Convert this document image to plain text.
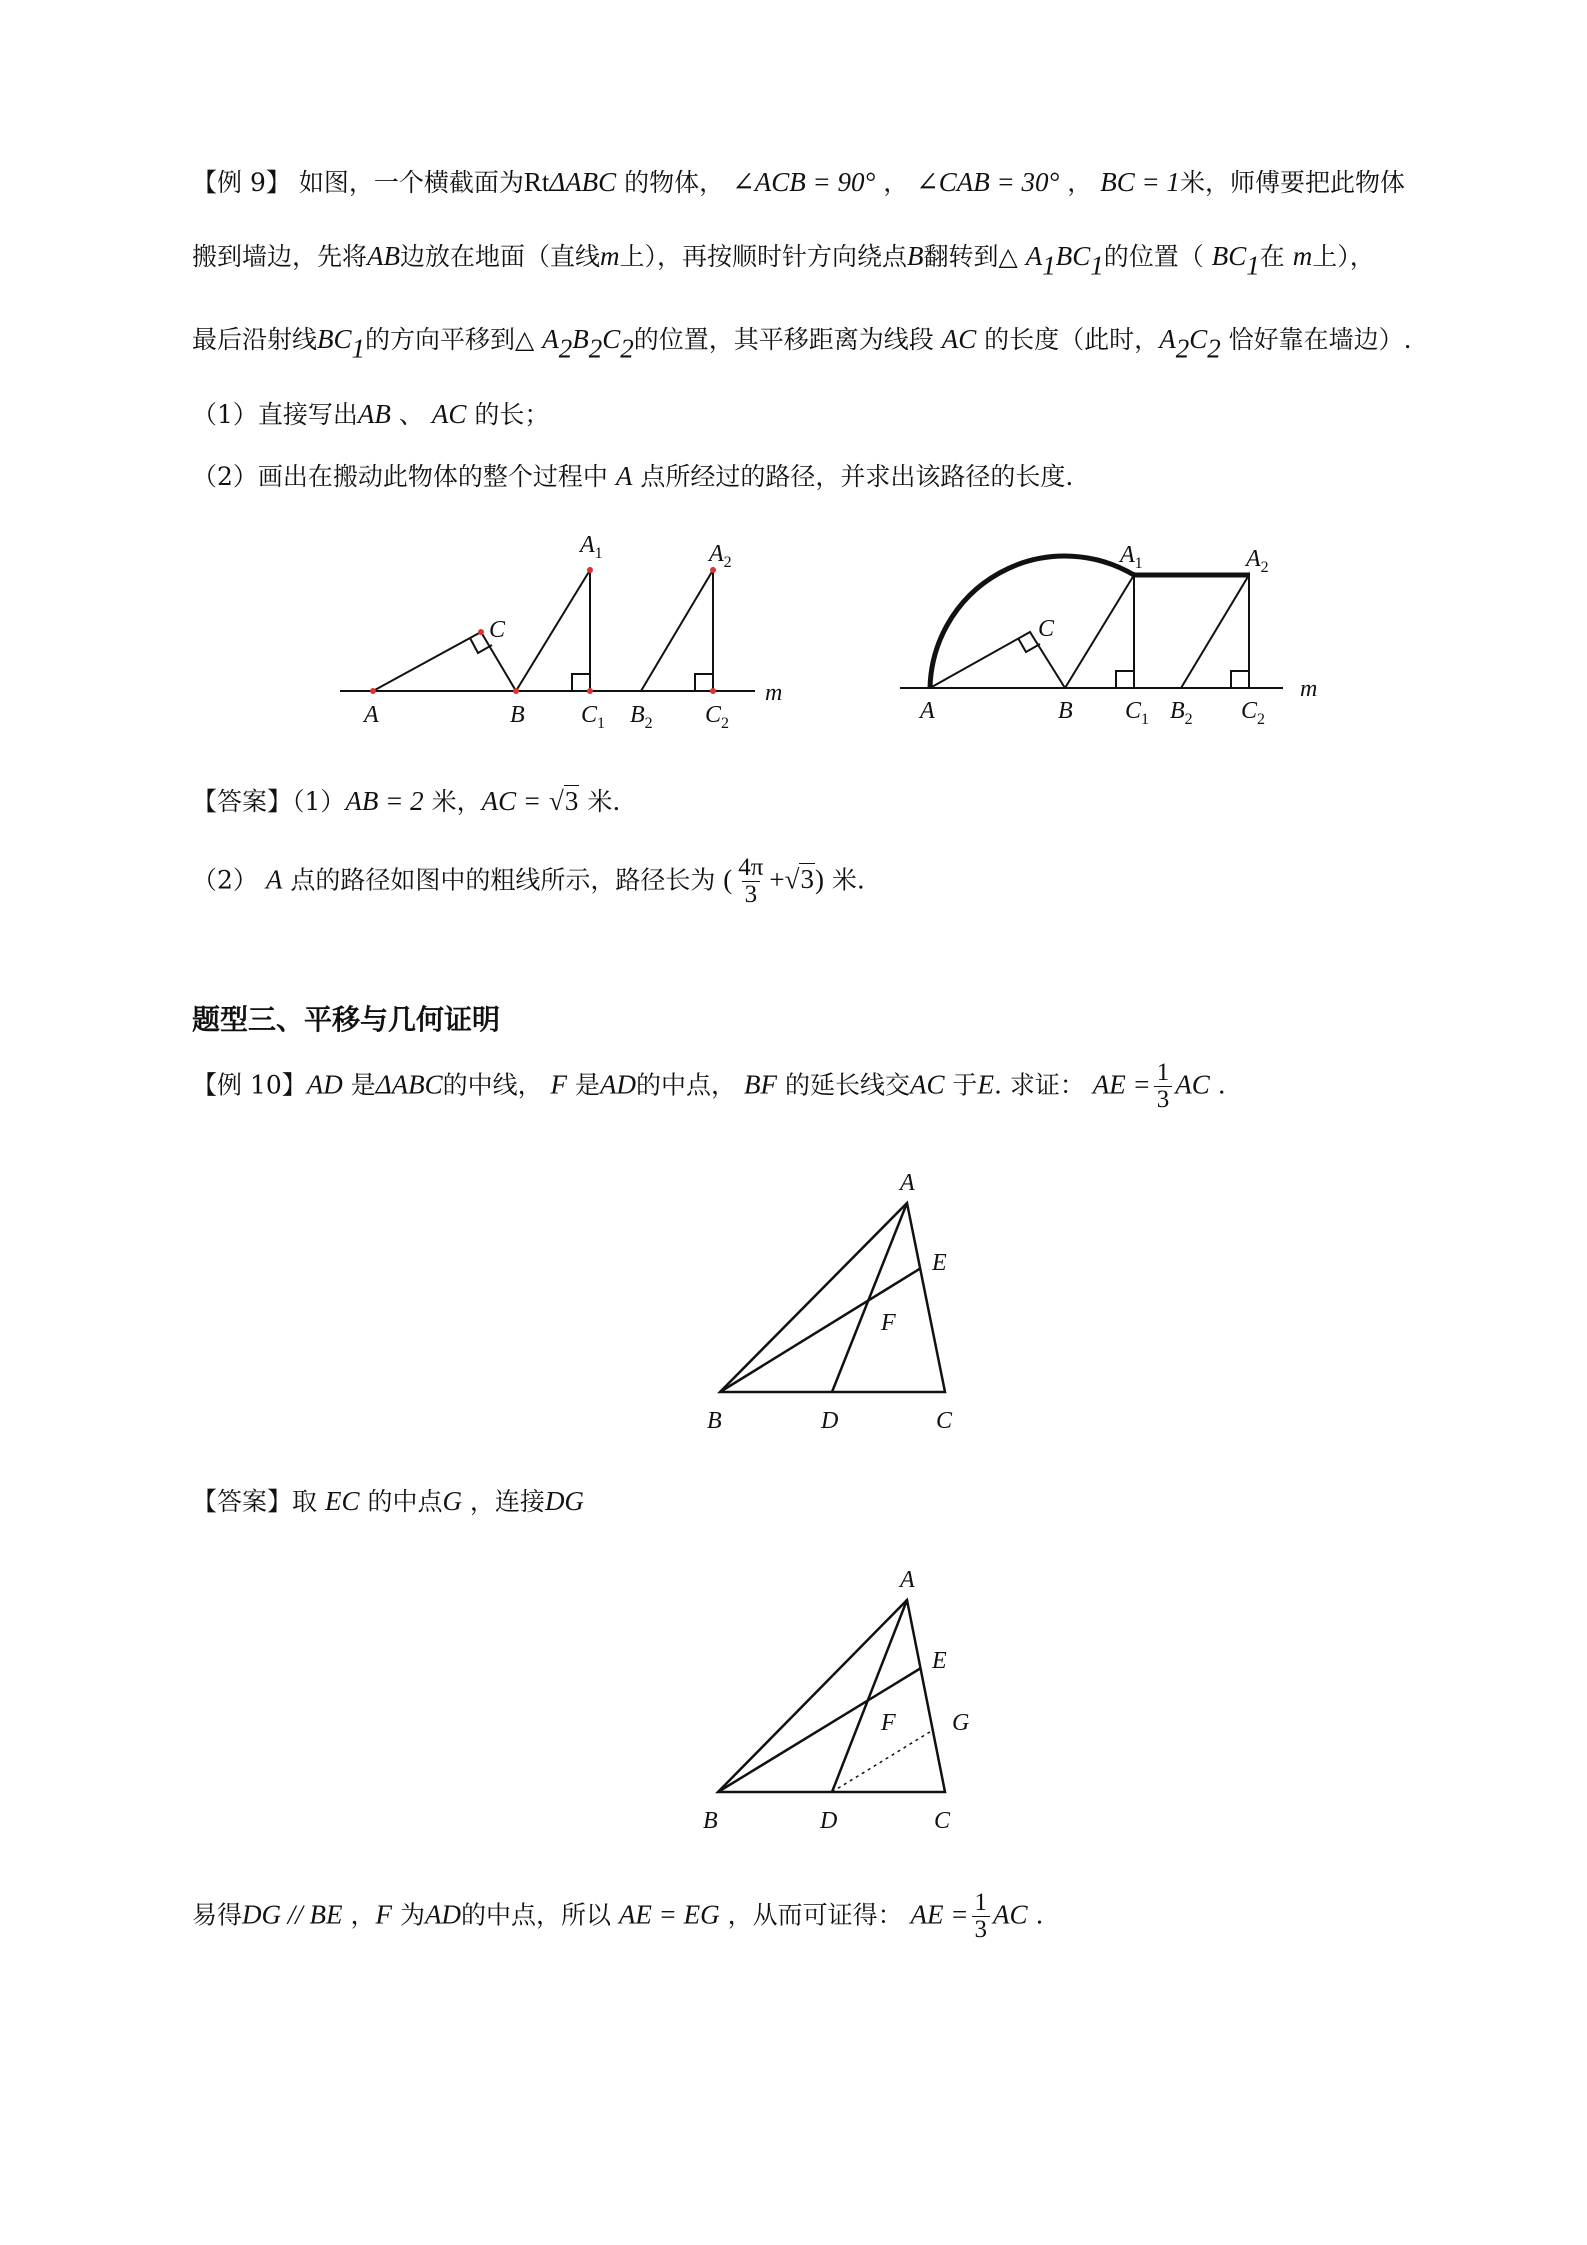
【例 9】 如图，一个横截面为RtΔABC 的物体， ∠ACB = 90° ， ∠CAB = 30° ， BC = 1米，师傅要把此物体
搬到墙边，先将AB边放在地面（直线m上），再按顺时针方向绕点B翻转到△ $A_1BC_1$的位置（ $BC_1$在 m上），
最后沿射线$BC_1$的方向平移到△ $A_2B_2C_2$的位置，其平移距离为线段 AC 的长度（此时，$A_2C_2$ 恰好靠在墙边）.
（1）直接写出AB 、 AC 的长；
（2）画出在搬动此物体的整个过程中 A 点所经过的路径，并求出该路径的长度.
A	B
C
$A_1$	$A_2$
$C_1$ $B_2$ $C_2$
m
A	B
C
$A_1$	$A_2$
$C_1$ $B_2$ $C_2$
m
【答案】（1）AB = 2 米，AC = √3 米.
（2） A 点的路径如图中的粗线所示，路径长为 ( $\frac{4\pi}{3} +√3$) 米.
题型三、平移与几何证明
【例 10】AD 是ΔABC的中线， F 是AD的中点， BF 的延长线交AC 于E. 求证： AE = $\frac{1}{3}$ AC .
A
E
F
B	D	C
【答案】取 EC 的中点G ，连接DG
A
E
F G
B	D	C
易得DG // BE ，F 为AD的中点，所以 AE = EG ，从而可证得： AE = $\frac{1}{3}$ AC .
